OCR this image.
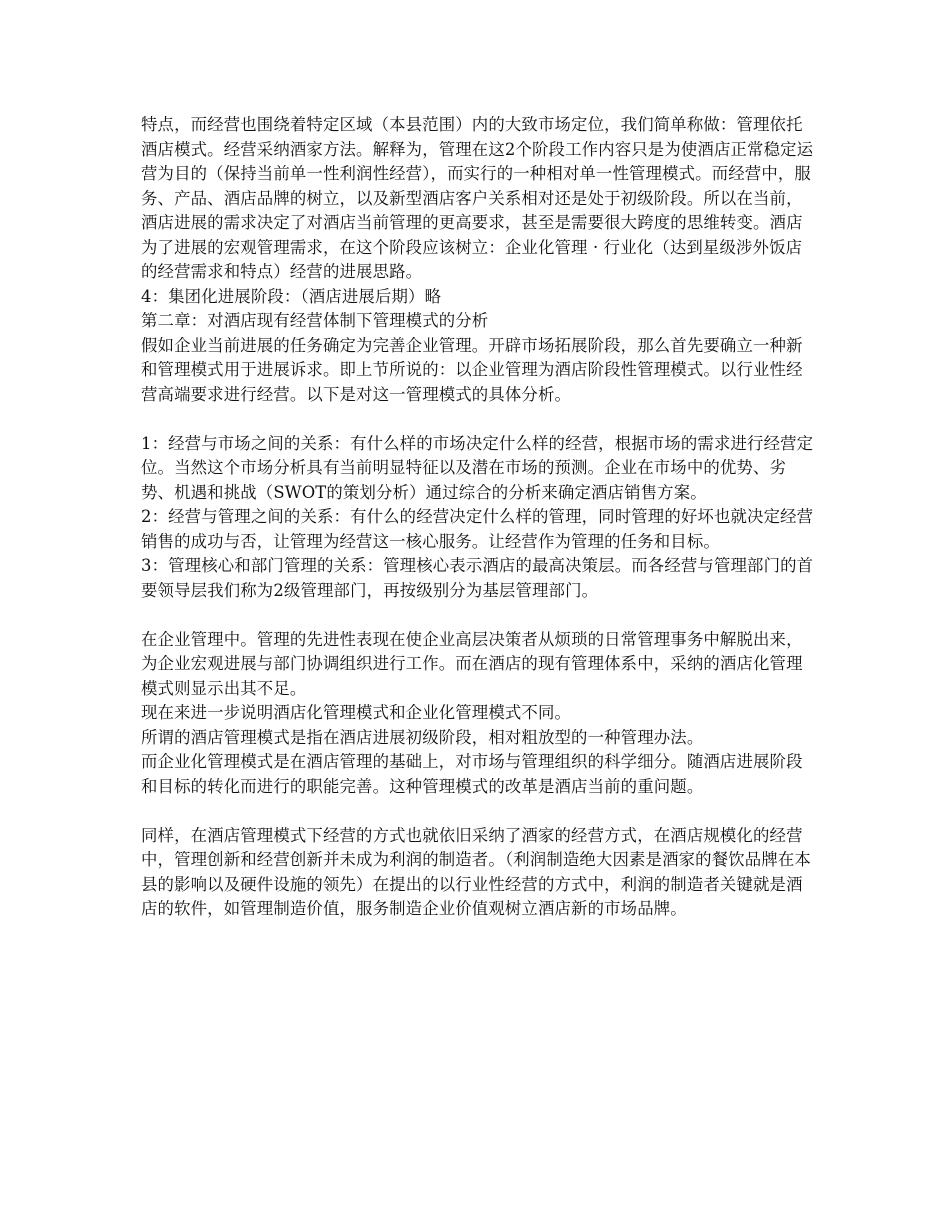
特点，而经营也围绕着特定区域（本县范围）内的大致市场定位，我们简单称做：管理依托酒店模式。经营采纳酒家方法。解释为，管理在这2个阶段工作内容只是为使酒店正常稳定运营为目的（保持当前单一性利润性经营），而实行的一种相对单一性管理模式。而经营中，服务、产品、酒店品牌的树立，以及新型酒店客户关系相对还是处于初级阶段。所以在当前，酒店进展的需求决定了对酒店当前管理的更高要求，甚至是需要很大跨度的思维转变。酒店为了进展的宏观管理需求，在这个阶段应该树立：企业化管理 · 行业化（达到星级涉外饭店的经营需求和特点）经营的进展思路。

4：集团化进展阶段：（酒店进展后期）略

第二章：对酒店现有经营体制下管理模式的分析

假如企业当前进展的任务确定为完善企业管理。开辟市场拓展阶段，那么首先要确立一种新和管理模式用于进展诉求。即上节所说的：以企业管理为酒店阶段性管理模式。以行业性经营高端要求进行经营。以下是对这一管理模式的具体分析。

1：经营与市场之间的关系：有什么样的市场决定什么样的经营，根据市场的需求进行经营定位。当然这个市场分析具有当前明显特征以及潜在市场的预测。企业在市场中的优势、劣势、机遇和挑战（SWOT的策划分析）通过综合的分析来确定酒店销售方案。

2：经营与管理之间的关系：有什么的经营决定什么样的管理，同时管理的好坏也就决定经营销售的成功与否，让管理为经营这一核心服务。让经营作为管理的任务和目标。

3：管理核心和部门管理的关系：管理核心表示酒店的最高决策层。而各经营与管理部门的首要领导层我们称为2级管理部门，再按级别分为基层管理部门。

在企业管理中。管理的先进性表现在使企业高层决策者从烦琐的日常管理事务中解脱出来，为企业宏观进展与部门协调组织进行工作。而在酒店的现有管理体系中，采纳的酒店化管理模式则显示出其不足。

现在来进一步说明酒店化管理模式和企业化管理模式不同。

所谓的酒店管理模式是指在酒店进展初级阶段，相对粗放型的一种管理办法。

而企业化管理模式是在酒店管理的基础上，对市场与管理组织的科学细分。随酒店进展阶段和目标的转化而进行的职能完善。这种管理模式的改革是酒店当前的重问题。

同样，在酒店管理模式下经营的方式也就依旧采纳了酒家的经营方式，在酒店规模化的经营中，管理创新和经营创新并未成为利润的制造者。（利润制造绝大因素是酒家的餐饮品牌在本县的影响以及硬件设施的领先）在提出的以行业性经营的方式中，利润的制造者关键就是酒店的软件，如管理制造价值，服务制造企业价值观树立酒店新的市场品牌。
